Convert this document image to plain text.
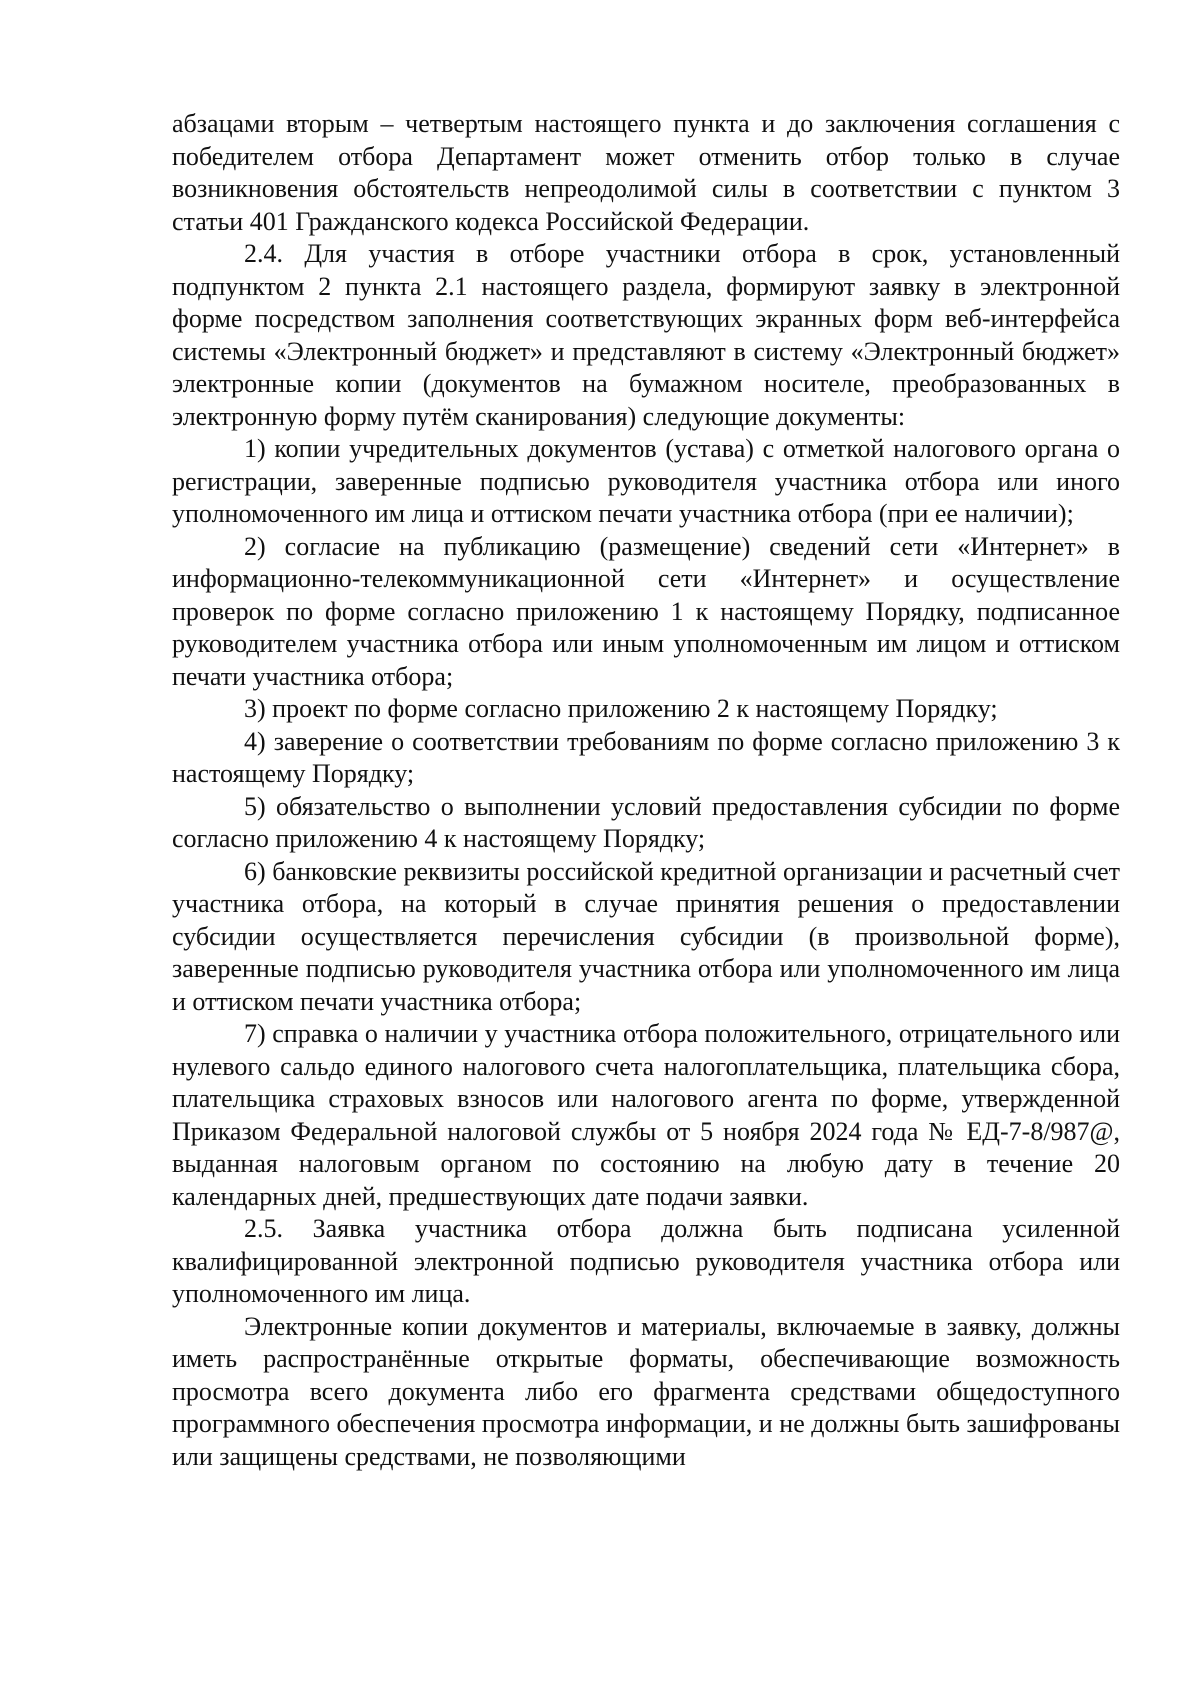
абзацами вторым – четвертым настоящего пункта и до заключения соглашения с победителем отбора Департамент может отменить отбор только в случае возникновения обстоятельств непреодолимой силы в соответствии с пунктом 3 статьи 401 Гражданского кодекса Российской Федерации.

2.4. Для участия в отборе участники отбора в срок, установленный подпунктом 2 пункта 2.1 настоящего раздела, формируют заявку в электронной форме посредством заполнения соответствующих экранных форм веб-интерфейса системы «Электронный бюджет» и представляют в систему «Электронный бюджет» электронные копии (документов на бумажном носителе, преобразованных в электронную форму путём сканирования) следующие документы:

1) копии учредительных документов (устава) с отметкой налогового органа о регистрации, заверенные подписью руководителя участника отбора или иного уполномоченного им лица и оттиском печати участника отбора (при ее наличии);

2) согласие на публикацию (размещение) сведений сети «Интернет» в информационно-телекоммуникационной сети «Интернет» и осуществление проверок по форме согласно приложению 1 к настоящему Порядку, подписанное руководителем участника отбора или иным уполномоченным им лицом и оттиском печати участника отбора;

3) проект по форме согласно приложению 2 к настоящему Порядку;

4) заверение о соответствии требованиям по форме согласно приложению 3 к настоящему Порядку;

5) обязательство о выполнении условий предоставления субсидии по форме согласно приложению 4 к настоящему Порядку;

6) банковские реквизиты российской кредитной организации и расчетный счет участника отбора, на который в случае принятия решения о предоставлении субсидии осуществляется перечисления субсидии (в произвольной форме), заверенные подписью руководителя участника отбора или уполномоченного им лица и оттиском печати участника отбора;

7) справка о наличии у участника отбора положительного, отрицательного или нулевого сальдо единого налогового счета налогоплательщика, плательщика сбора, плательщика страховых взносов или налогового агента по форме, утвержденной Приказом Федеральной налоговой службы от 5 ноября 2024 года № ЕД-7-8/987@, выданная налоговым органом по состоянию на любую дату в течение 20 календарных дней, предшествующих дате подачи заявки.

2.5. Заявка участника отбора должна быть подписана усиленной квалифицированной электронной подписью руководителя участника отбора или уполномоченного им лица.

Электронные копии документов и материалы, включаемые в заявку, должны иметь распространённые открытые форматы, обеспечивающие возможность просмотра всего документа либо его фрагмента средствами общедоступного программного обеспечения просмотра информации, и не должны быть зашифрованы или защищены средствами, не позволяющими
